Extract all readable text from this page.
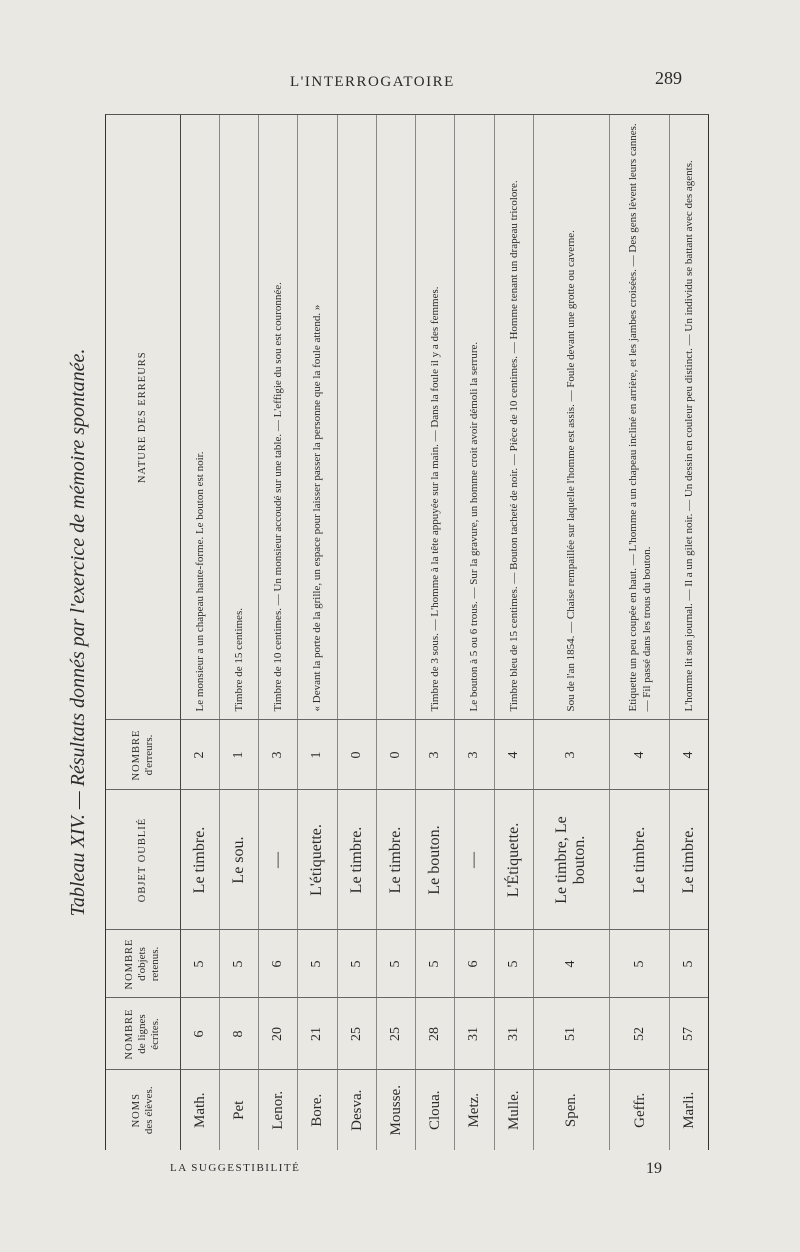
L'INTERROGATOIRE	289
Tableau XIV. — Résultats donnés par l'exercice de mémoire spontanée.
NOMS des élèves.	NOMBRE de lignes écrites.	NOMBRE d'objets retenus.	OBJET OUBLIÉ	NOMBRE d'erreurs.	NATURE DES ERREURS
Math.	6	5	Le timbre.	2	Le monsieur a un chapeau haute-forme. Le bouton est noir.
Pet	8	5	Le sou.	1	Timbre de 15 centimes.
Lenor.	20	6	—	3	Timbre de 10 centimes. — Un monsieur accoudé sur une table. — L'effigie du sou est couronnée.
Bore.	21	5	L'étiquette.	1	« Devant la porte de la grille, un espace pour laisser passer la personne que la foule attend. »
Desva.	25	5	Le timbre.	0	
Mousse.	25	5	Le timbre.	0	
Cloua.	28	5	Le bouton.	3	Timbre de 3 sous. — L'homme à la tête appuyée sur la main. — Dans la foule il y a des femmes.
Metz.	31	6	—	3	Le bouton à 5 ou 6 trous. — Sur la gravure, un homme croit avoir démoli la serrure.
Mulle.	31	5	L'Étiquette.	4	Timbre bleu de 15 centimes. — Bouton tacheté de noir. — Pièce de 10 centimes. — Homme tenant un drapeau tricolore.
Spen.	51	4	Le timbre, Le bouton.	3	Sou de l'an 1854. — Chaise rempaillée sur laquelle l'homme est assis. — Foule devant une grotte ou caverne.
Geffr.	52	5	Le timbre.	4	Etiquette un peu coupée en haut. — L'homme a un chapeau incliné en arrière, et les jambes croisées. — Des gens lèvent leurs cannes. — Fil passé dans les trous du bouton.
Marli.	57	5	Le timbre.	4	L'homme lit son journal. — Il a un gilet noir. — Un dessin en couleur peu distinct. — Un individu se battant avec des agents.
LA SUGGESTIBILITÉ	19
